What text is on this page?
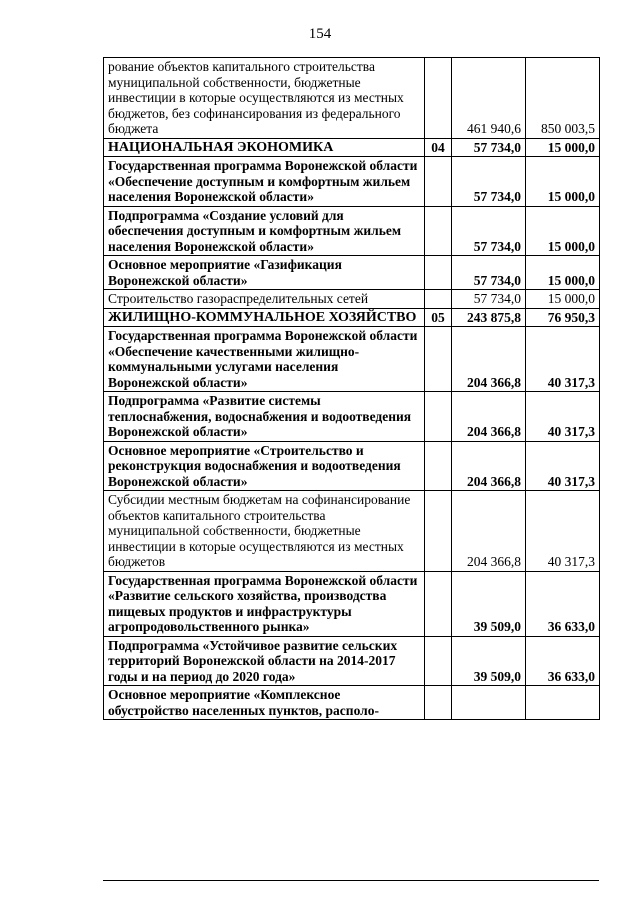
154
рование объектов капитального строительства муниципальной собственности, бюджетные инвестиции в которые осуществляются из местных бюджетов, без софинансирования из федерального бюджета		461 940,6	850 003,5
НАЦИОНАЛЬНАЯ ЭКОНОМИКА	04	57 734,0	15 000,0
Государственная программа Воронежской области «Обеспечение доступным и комфортным жильем населения Воронежской области»		57 734,0	15 000,0
Подпрограмма «Создание условий для обеспечения доступным и комфортным жильем населения Воронежской области»		57 734,0	15 000,0
Основное мероприятие «Газификация Воронежской области»		57 734,0	15 000,0
Строительство газораспределительных сетей		57 734,0	15 000,0
ЖИЛИЩНО-КОММУНАЛЬНОЕ ХОЗЯЙСТВО	05	243 875,8	76 950,3
Государственная программа Воронежской области «Обеспечение качественными жилищно-коммунальными услугами населения Воронежской области»		204 366,8	40 317,3
Подпрограмма «Развитие системы теплоснабжения, водоснабжения и водоотведения Воронежской области»		204 366,8	40 317,3
Основное мероприятие «Строительство и реконструкция водоснабжения и водоотведения Воронежской области»		204 366,8	40 317,3
Субсидии местным бюджетам на софинансирование объектов капитального строительства муниципальной собственности, бюджетные инвестиции в которые осуществляются из местных бюджетов		204 366,8	40 317,3
Государственная программа Воронежской области «Развитие сельского хозяйства, производства пищевых продуктов и инфраструктуры агропродовольственного рынка»		39 509,0	36 633,0
Подпрограмма «Устойчивое развитие сельских территорий Воронежской области на 2014-2017 годы и на период до 2020 года»		39 509,0	36 633,0
Основное мероприятие «Комплексное обустройство населенных пунктов, располо-			
